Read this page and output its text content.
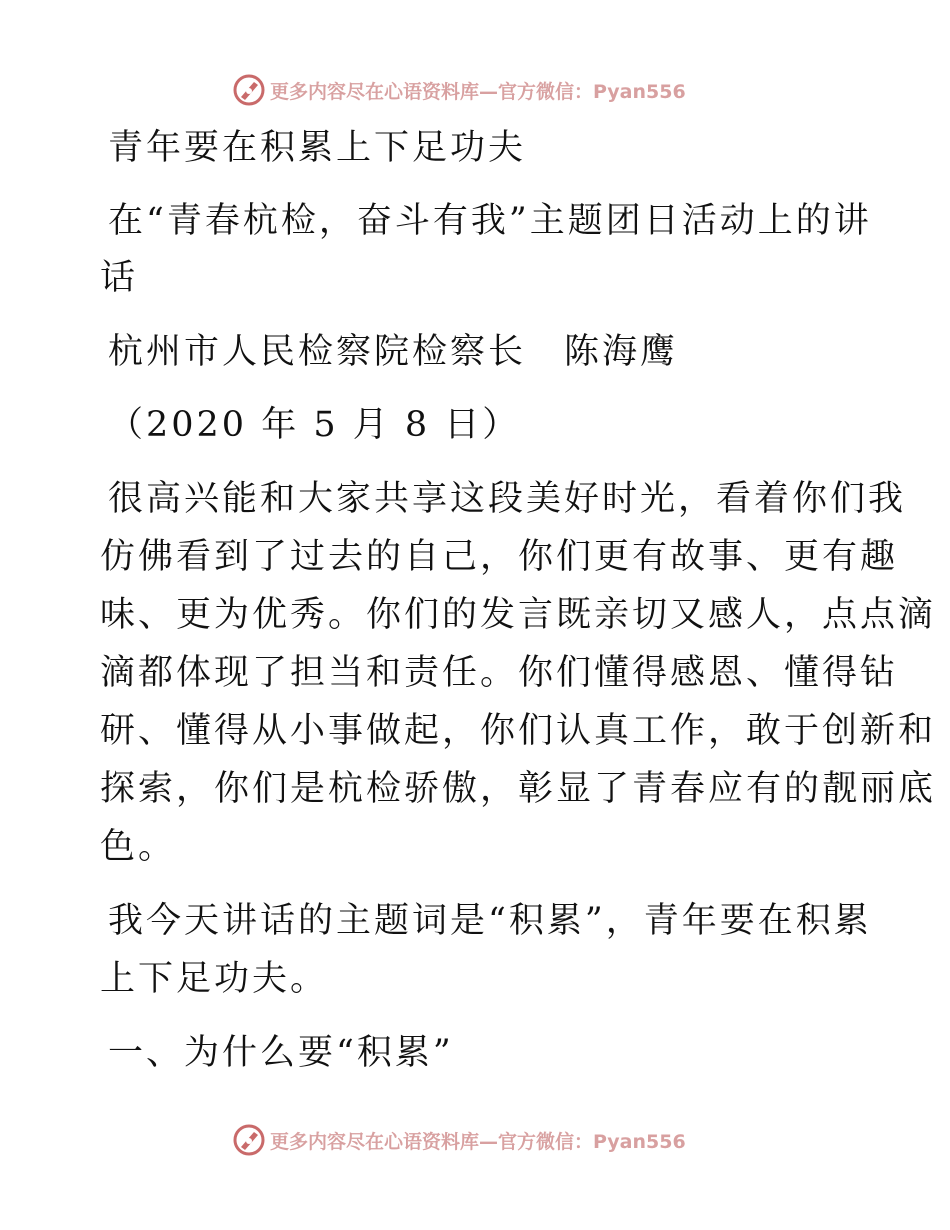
更多内容尽在心语资料库—官方微信：Pyan556
青年要在积累上下足功夫
在“青春杭检，奋斗有我”主题团日活动上的讲
话
杭州市人民检察院检察长　陈海鹰
（2020 年 5 月 8 日）
很高兴能和大家共享这段美好时光，看着你们我
仿佛看到了过去的自己，你们更有故事、更有趣
味、更为优秀。你们的发言既亲切又感人，点点滴
滴都体现了担当和责任。你们懂得感恩、懂得钻
研、懂得从小事做起，你们认真工作，敢于创新和
探索，你们是杭检骄傲，彰显了青春应有的靓丽底
色。
我今天讲话的主题词是“积累”，青年要在积累
上下足功夫。
一、为什么要“积累”
更多内容尽在心语资料库—官方微信：Pyan556
